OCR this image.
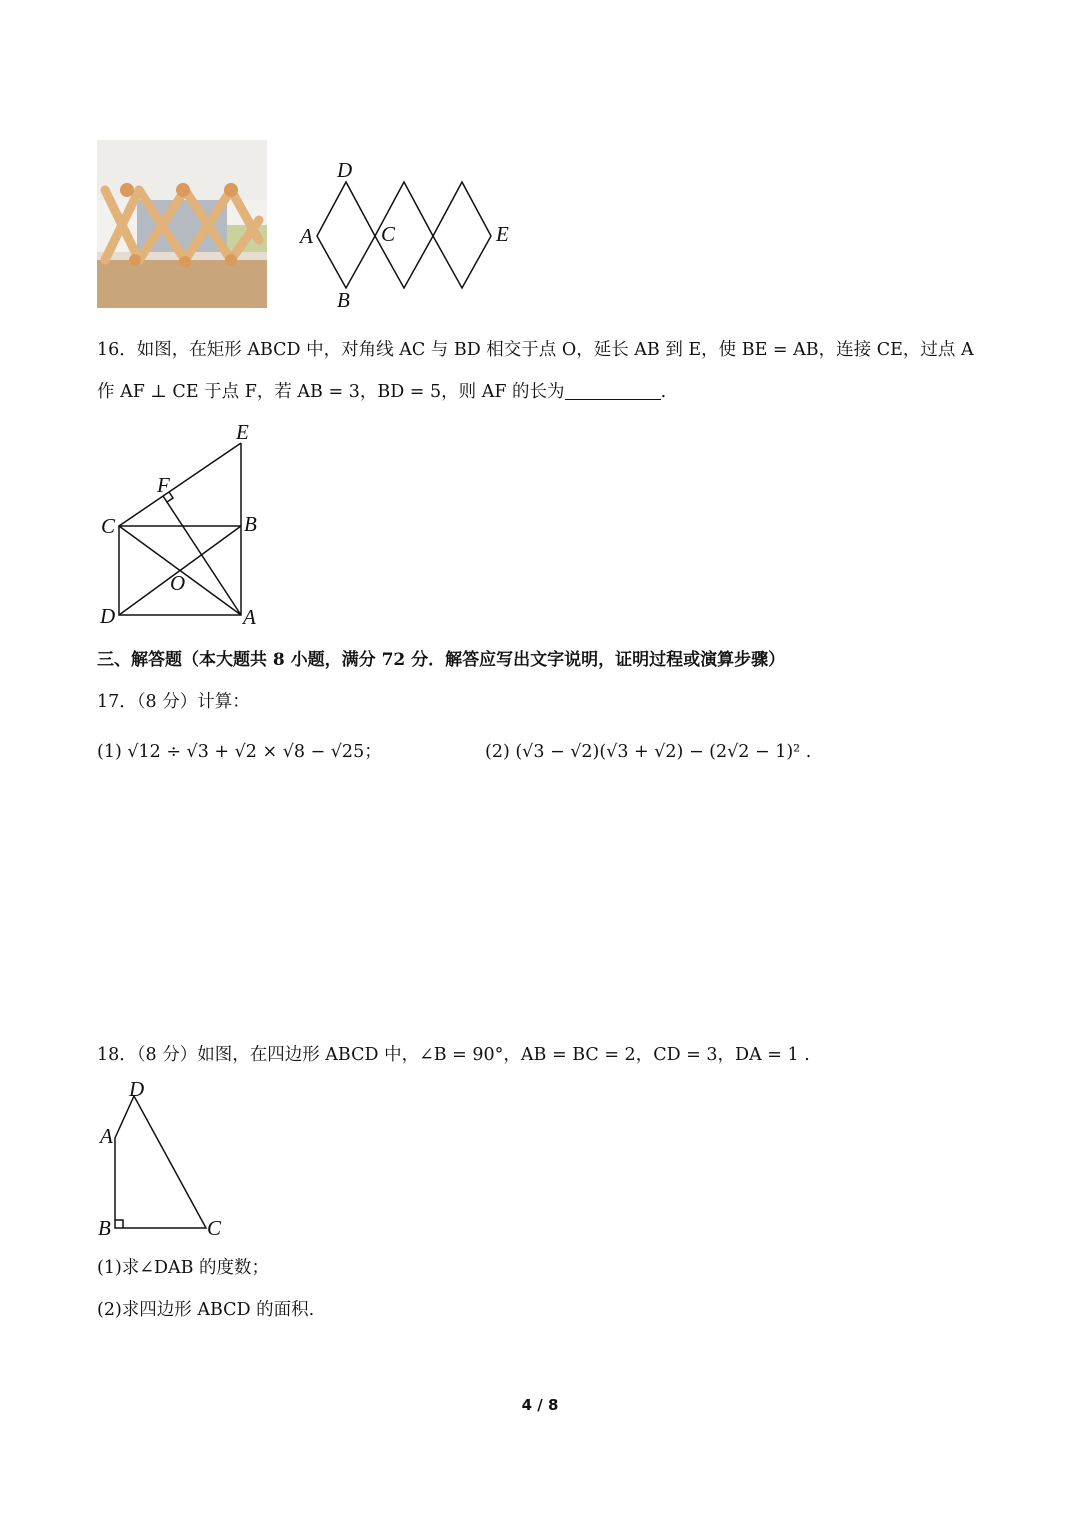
D
A	C	E
B
16．如图，在矩形 ABCD 中，对角线 AC 与 BD 相交于点 O，延长 AB 到 E，使 BE = AB，连接 CE，过点 A
作 AF ⊥ CE 于点 F，若 AB = 3，BD = 5，则 AF 的长为	.
E
F
C	B
O
D	A
三、解答题（本大题共 8 小题，满分 72 分．解答应写出文字说明，证明过程或演算步骤）
17．（8 分）计算：
(1) √12 ÷ √3 + √2 × √8 − √25；	(2) (√3 − √2)(√3 + √2) − (2√2 − 1)² .
18．（8 分）如图，在四边形 ABCD 中，∠B = 90°，AB = BC = 2，CD = 3，DA = 1 .
D
A
B	C
(1)求∠DAB 的度数；
(2)求四边形 ABCD 的面积.
4 / 8
